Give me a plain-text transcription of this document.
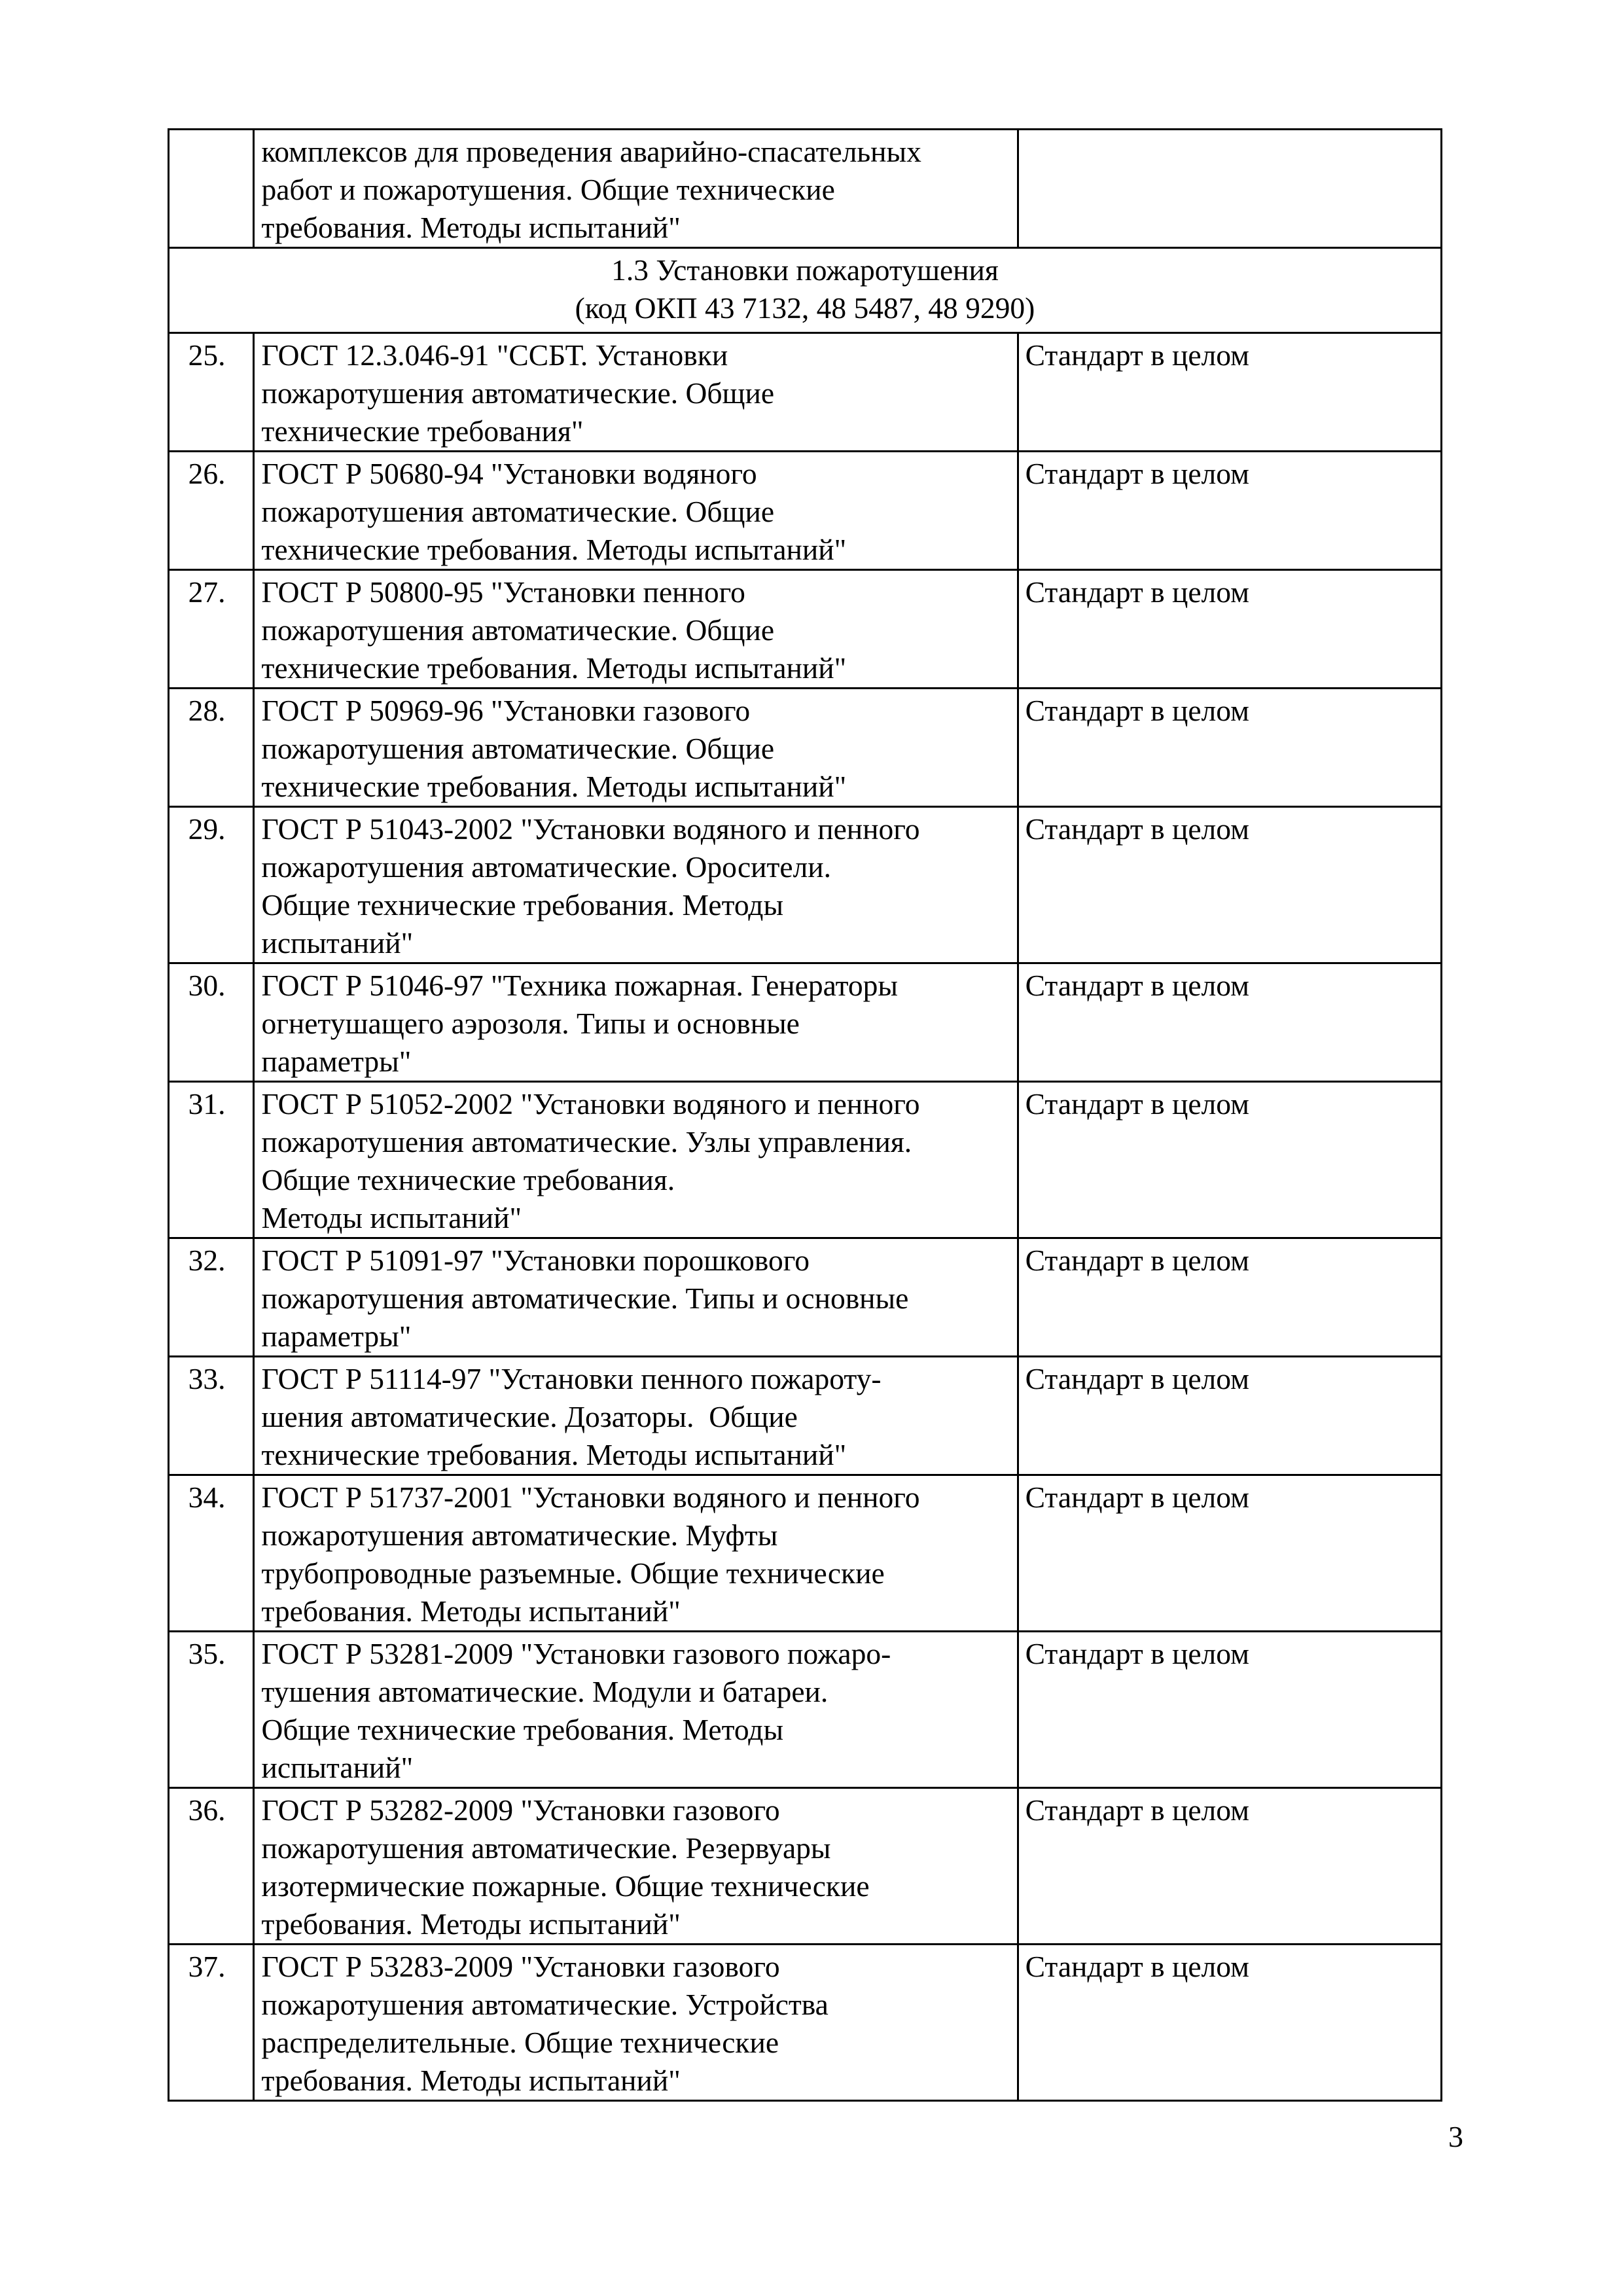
	комплексов для проведения аварийно-спасательных
работ и пожаротушения. Общие технические
требования. Методы испытаний"	

1.3 Установки пожаротушения
(код ОКП 43 7132, 48 5487, 48 9290)		

25.	ГОСТ 12.3.046-91 "ССБТ. Установки
пожаротушения автоматические. Общие
технические требования"	Стандарт в целом
26.	ГОСТ Р 50680-94 "Установки водяного
пожаротушения автоматические. Общие
технические требования. Методы испытаний"	Стандарт в целом
27.	ГОСТ Р 50800-95 "Установки пенного
пожаротушения автоматические. Общие
технические требования. Методы испытаний"	Стандарт в целом
28.	ГОСТ Р 50969-96 "Установки газового
пожаротушения автоматические. Общие
технические требования. Методы испытаний"	Стандарт в целом
29.	ГОСТ Р 51043-2002 "Установки водяного и пенного
пожаротушения автоматические. Оросители.
Общие технические требования. Методы
испытаний"	Стандарт в целом
30.	ГОСТ Р 51046-97 "Техника пожарная. Генераторы
огнетушащего аэрозоля. Типы и основные
параметры"	Стандарт в целом
31.	ГОСТ Р 51052-2002 "Установки водяного и пенного
пожаротушения автоматические. Узлы управления.
Общие технические требования.
Методы испытаний"	Стандарт в целом
32.	ГОСТ Р 51091-97 "Установки порошкового
пожаротушения автоматические. Типы и основные
параметры"	Стандарт в целом
33.	ГОСТ Р 51114-97 "Установки пенного пожароту-
шения автоматические. Дозаторы.  Общие
технические требования. Методы испытаний"	Стандарт в целом
34.	ГОСТ Р 51737-2001 "Установки водяного и пенного
пожаротушения автоматические. Муфты
трубопроводные разъемные. Общие технические
требования. Методы испытаний"	Стандарт в целом
35.	ГОСТ Р 53281-2009 "Установки газового пожаро-
тушения автоматические. Модули и батареи.
Общие технические требования. Методы
испытаний"	Стандарт в целом
36.	ГОСТ Р 53282-2009 "Установки газового
пожаротушения автоматические. Резервуары
изотермические пожарные. Общие технические
требования. Методы испытаний"	Стандарт в целом
37.	ГОСТ Р 53283-2009 "Установки газового
пожаротушения автоматические. Устройства
распределительные. Общие технические
требования. Методы испытаний"	Стандарт в целом
3
